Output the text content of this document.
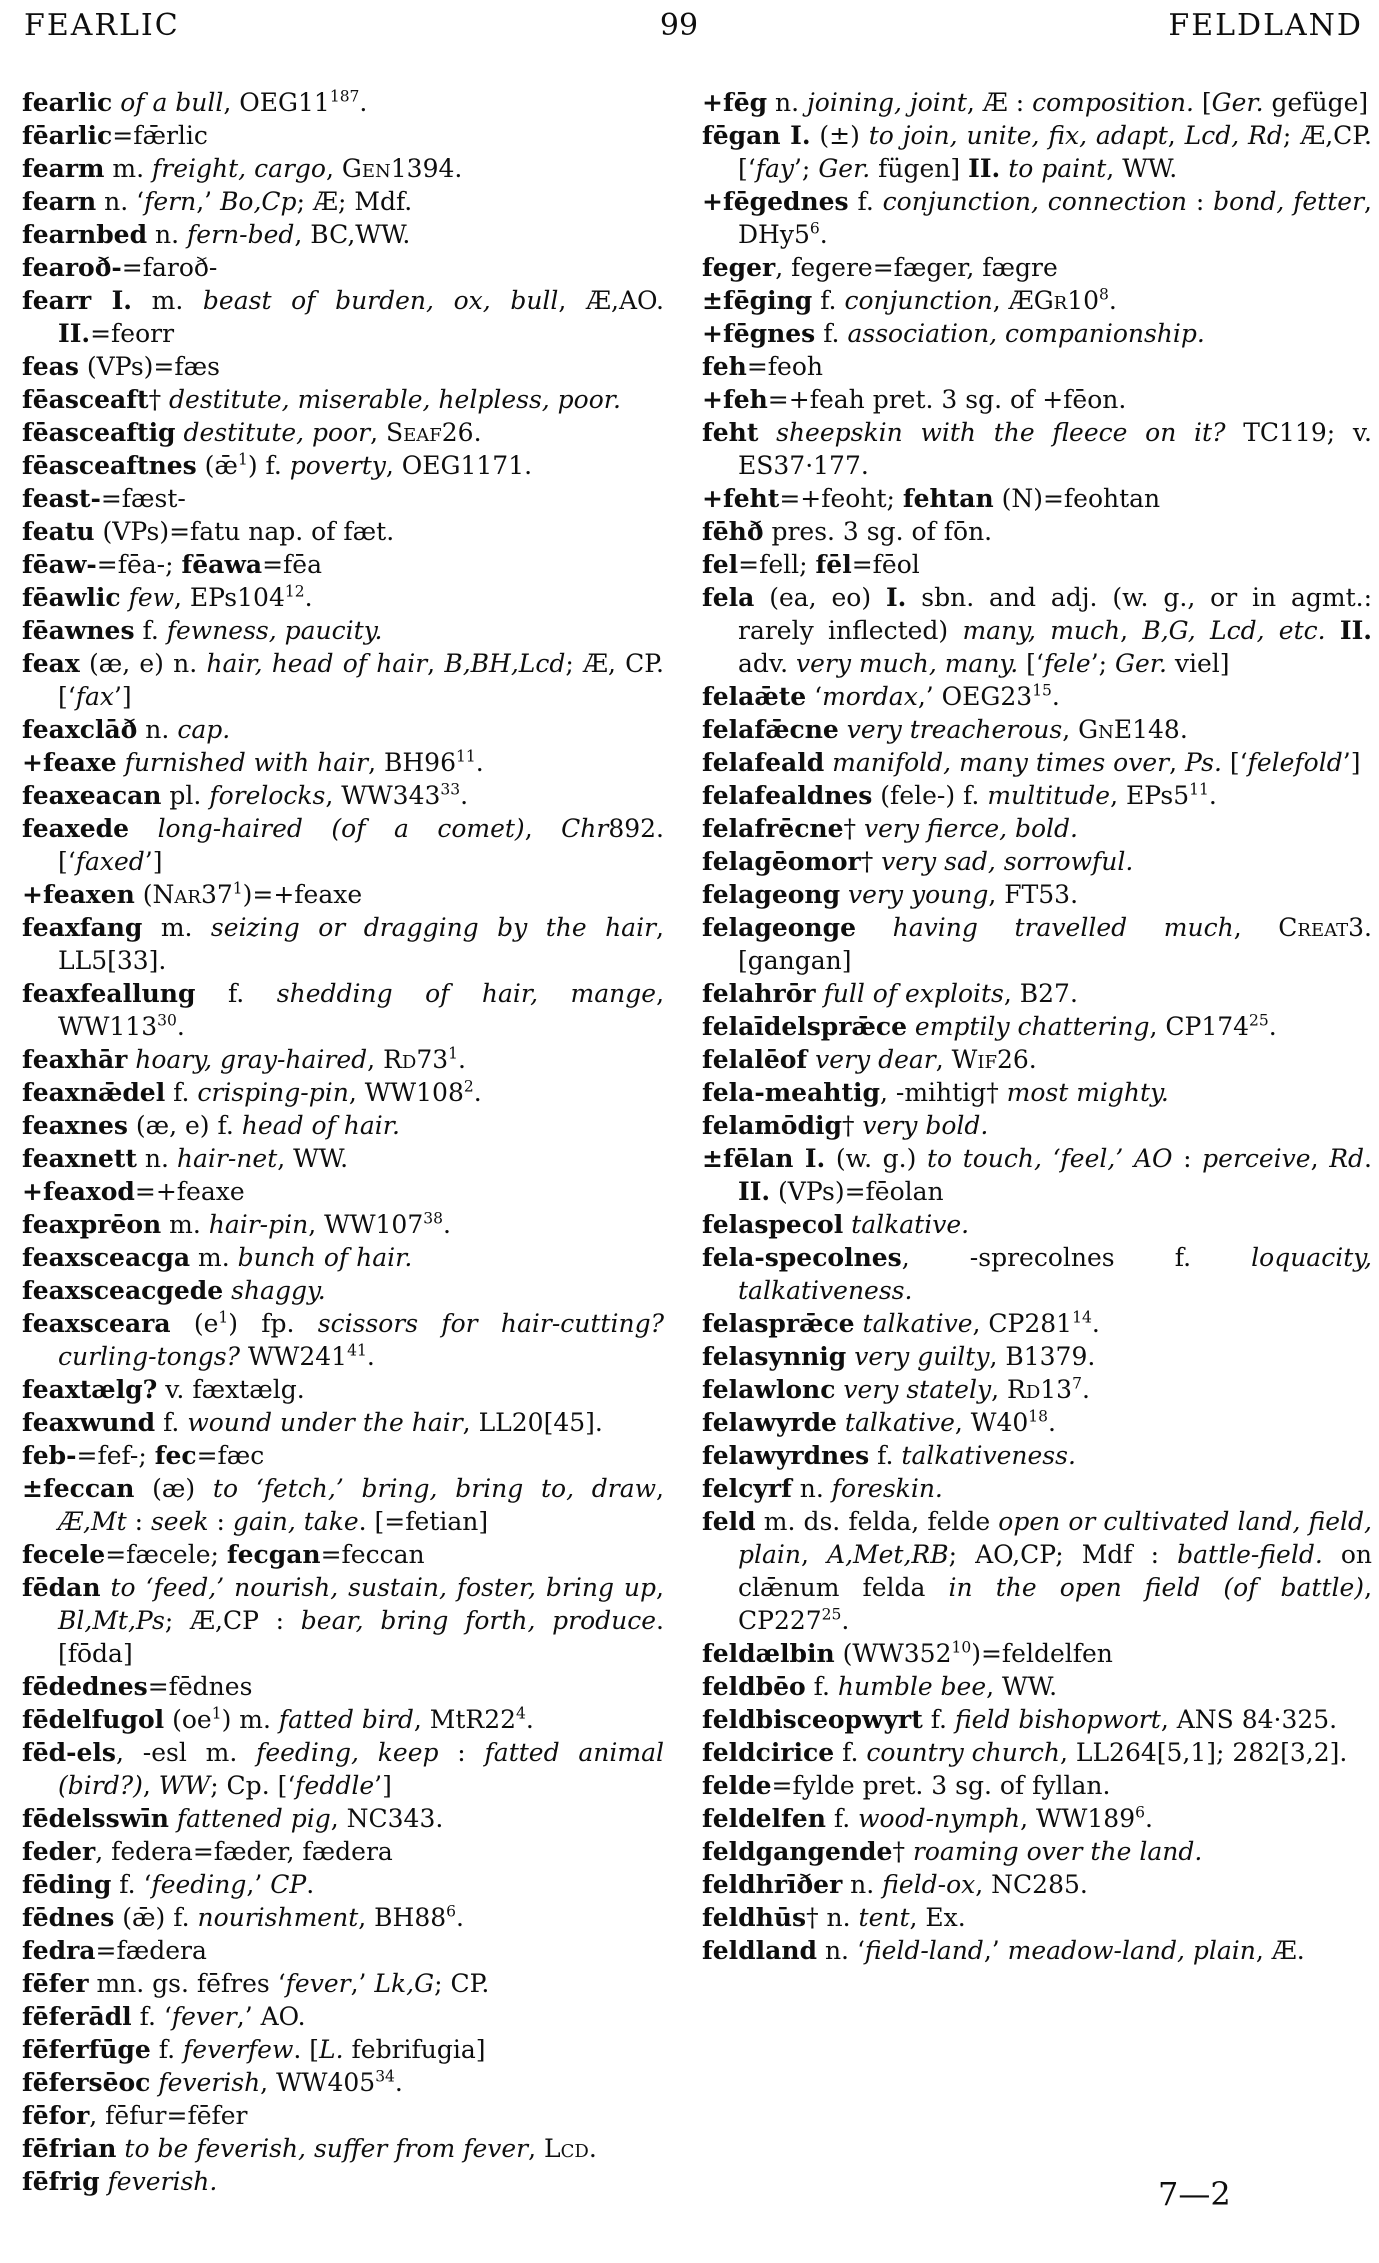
FEARLIC	99	FELDLAND
fearlic of a bull, $OEG11^{187}$.
fēarlic=fǣrlic
fearm m. freight, cargo, Gen1394.
fearn n. ‘fern,’ Bo,Cp; Æ; Mdf.
fearnbed n. fern-bed, BC,WW.
fearoð-=faroð-
fearr I. m. beast of burden, ox, bull, Æ,AO. II.=feorr
feas (VPs)=fæs
fēasceaft† destitute, miserable, helpless, poor.
fēasceaftig destitute, poor, Seaf26.
fēasceaftnes $(ǣ^1)$ f. poverty, OEG1171.
feast-=fæst-
featu (VPs)=fatu nap. of fæt.
fēaw-=fēa-; fēawa=fēa
fēawlic few, $EPs104^{12}$.
fēawnes f. fewness, paucity.
feax (æ, e) n. hair, head of hair, B,BH,Lcd; Æ, CP. [‘fax’]
feaxclāð n. cap.
+feaxe furnished with hair, $BH96^{11}$.
feaxeacan pl. forelocks, $WW343^{33}$.
feaxede long-haired (of a comet), Chr892. [‘faxed’]
+feaxen $(Nar37^1)=+feaxe$
feaxfang m. seizing or dragging by the hair, LL5[33].
feaxfeallung f. shedding of hair, mange, $WW113^{30}$.
feaxhār hoary, gray-haired, $Rd73^1$.
feaxnǣdel f. crisping-pin, $WW108^2$.
feaxnes (æ, e) f. head of hair.
feaxnett n. hair-net, WW.
+feaxod=+feaxe
feaxprēon m. hair-pin, $WW107^{38}$.
feaxsceacga m. bunch of hair.
feaxsceacgede shaggy.
feaxsceara $(e^1)$ fp. scissors for hair-cutting? curling-tongs? $WW241^{41}$.
feaxtælg? v. fæxtælg.
feaxwund f. wound under the hair, LL20[45].
feb-=fef-; fec=fæc
±feccan (æ) to ‘fetch,’ bring, bring to, draw, Æ,Mt : seek : gain, take. [=fetian]
fecele=fæcele; fecgan=feccan
fēdan to ‘feed,’ nourish, sustain, foster, bring up, Bl,Mt,Ps; Æ,CP : bear, bring forth, produce. [fōda]
fēdednes=fēdnes
fēdelfugol $(oe^1)$ m. fatted bird, $MtR22^4$.
fēd-els, -esl m. feeding, keep : fatted animal (bird?), WW; Cp. [‘feddle’]
fēdelsswīn fattened pig, NC343.
feder, federa=fæder, fædera
fēding f. ‘feeding,’ CP.
fēdnes (ǣ) f. nourishment, $BH88^6$.
fedra=fædera
fēfer mn. gs. fēfres ‘fever,’ Lk,G; CP.
fēferādl f. ‘fever,’ AO.
fēferfūge f. feverfew. [L. febrifugia]
fēfersēoc feverish, $WW405^{34}$.
fēfor, fēfur=fēfer
fēfrian to be feverish, suffer from fever, Lcd.
fēfrig feverish.
+fēg n. joining, joint, Æ : composition. [Ger. gefüge]
fēgan I. (±) to join, unite, fix, adapt, Lcd, Rd; Æ,CP. [‘fay’; Ger. fügen] II. to paint, WW.
+fēgednes f. conjunction, connection : bond, fetter, $DHy5^6$.
feger, fegere=fæger, fægre
±fēging f. conjunction, $ÆGr10^8$.
+fēgnes f. association, companionship.
feh=feoh
+feh=+feah pret. 3 sg. of +fēon.
feht sheepskin with the fleece on it? TC119; v. ES37·177.
+feht=+feoht; fehtan (N)=feohtan
fēhð pres. 3 sg. of fōn.
fel=fell; fēl=fēol
fela (ea, eo) I. sbn. and adj. (w. g., or in agmt.: rarely inflected) many, much, B,G, Lcd, etc. II. adv. very much, many. [‘fele’; Ger. viel]
felaǣte ‘mordax,’ $OEG23^{15}$.
felafǣcne very treacherous, GnE148.
felafeald manifold, many times over, Ps. [‘felefold’]
felafealdnes (fele-) f. multitude, $EPs5^{11}$.
felafrēcne† very fierce, bold.
felagēomor† very sad, sorrowful.
felageong very young, FT53.
felageonge having travelled much, Creat3. [gangan]
felahrōr full of exploits, B27.
felaīdelsprǣce emptily chattering, $CP174^{25}$.
felalēof very dear, Wif26.
fela-meahtig, -mihtig† most mighty.
felamōdig† very bold.
±fēlan I. (w. g.) to touch, ‘feel,’ AO : perceive, Rd. II. (VPs)=fēolan
felaspecol talkative.
fela-specolnes, -sprecolnes f. loquacity, talkativeness.
felasprǣce talkative, $CP281^{14}$.
felasynnig very guilty, B1379.
felawlonc very stately, $Rd13^7$.
felawyrde talkative, $W40^{18}$.
felawyrdnes f. talkativeness.
felcyrf n. foreskin.
feld m. ds. felda, felde open or cultivated land, field, plain, A,Met,RB; AO,CP; Mdf : battle-field. on clǣnum felda in the open field (of battle), $CP227^{25}$.
feldælbin $(WW352^{10})=feldelfen$
feldbēo f. humble bee, WW.
feldbisceopwyrt f. field bishopwort, ANS 84·325.
feldcirice f. country church, LL264[5,1]; 282[3,2].
felde=fylde pret. 3 sg. of fyllan.
feldelfen f. wood-nymph, $WW189^6$.
feldgangende† roaming over the land.
feldhrīðer n. field-ox, NC285.
feldhūs† n. tent, Ex.
feldland n. ‘field-land,’ meadow-land, plain, Æ.
7—2
